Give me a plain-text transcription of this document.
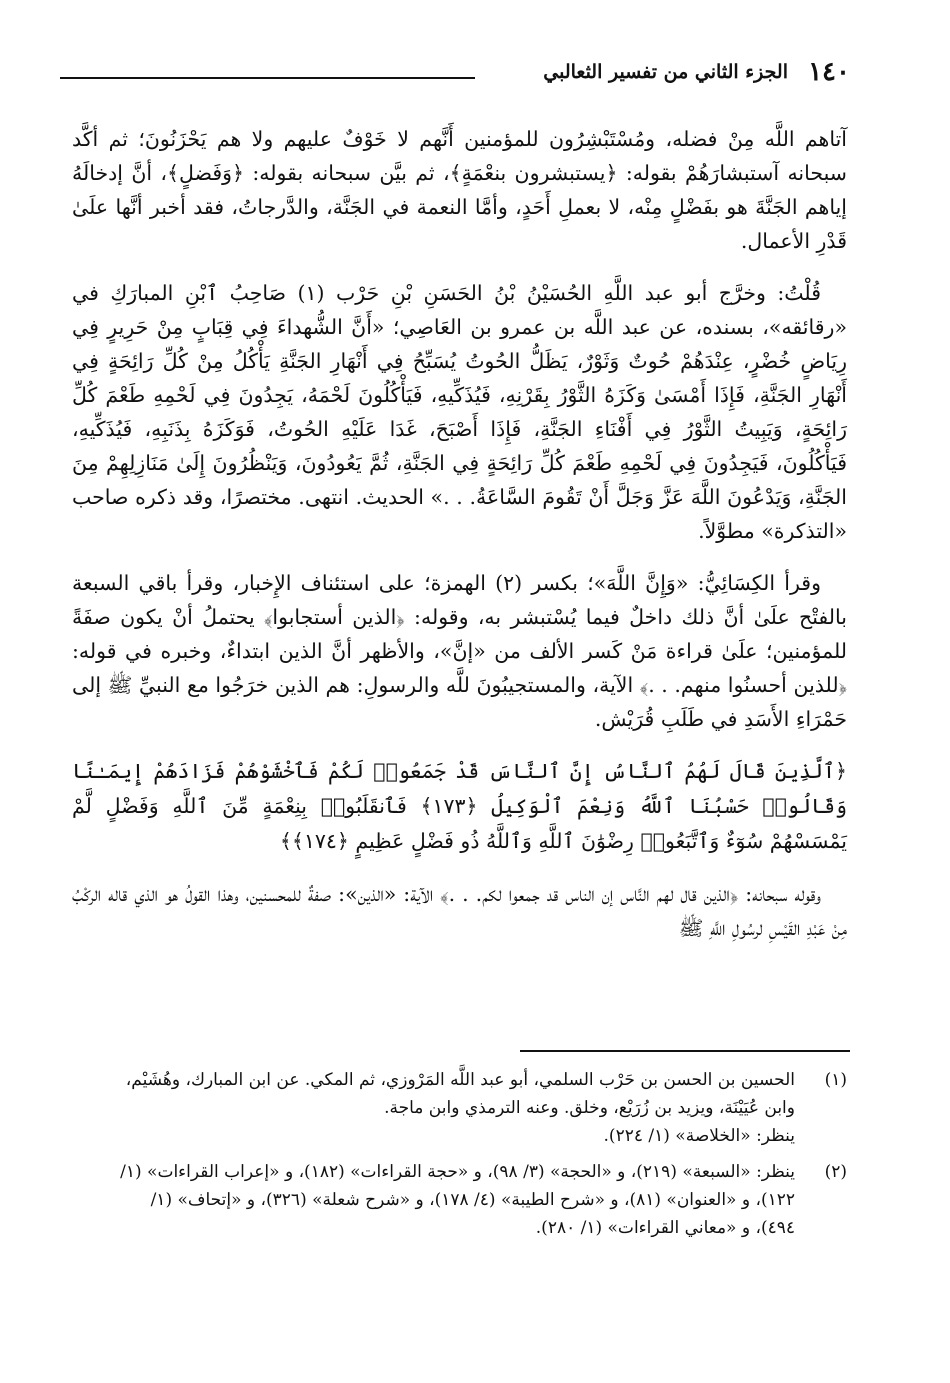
١٤٠
الجزء الثاني من تفسير الثعالبي

آتاهم اللَّه مِنْ فضله، ومُسْتَبْشِرُون للمؤمنين أَنَّهم لا خَوْفٌ عليهم ولا هم يَحْزَنُونَ؛ ثم أكَّد سبحانه آستبشارَهُمْ بقوله: ﴿يستبشرون بنعْمَةٍ﴾، ثم بيَّن سبحانه بقوله: ﴿وَفَضلٍ﴾، أنَّ إدخالَهُ إياهم الجَنَّةَ هو بفَضْلٍ مِنْه، لا بعملِ أَحَدٍ، وأمَّا النعمة في الجَنَّة، والدَّرجاتُ، فقد أخبر أنَّها علَىٰ قَدْرِ الأعمال.

قُلْتُ: وخرَّج أبو عبد اللَّهِ الحُسَيْنُ بْنُ الحَسَنِ بْنِ حَرْب (١) صَاحِبُ ٱبْنِ المبارَكِ في «رقائقه»، بسنده، عن عبد اللَّه بن عمرو بن العَاصِي؛ «أَنَّ الشُّهداءَ فِي قِبَابٍ مِنْ حَرِيرٍ فِي رِيَاضٍ خُضْرٍ، عِنْدَهُمْ حُوتٌ وَثَوْرٌ، يَظَلُّ الحُوتُ يُسَبِّحُ فِي أَنْهَارِ الجَنَّةِ يَأْكُلُ مِنْ كُلِّ رَائِحَةٍ فِي أَنْهَارِ الجَنَّةِ، فَإِذَا أَمْسَىٰ وَكَزَهُ الثَّوْرُ بِقَرْنِهِ، فَيُذَكِّيهِ، فَيَأْكُلُونَ لَحْمَهُ، يَجِدُونَ فِي لَحْمِهِ طَعْمَ كُلِّ رَائِحَةٍ، وَيَبِيتُ الثَّوْرُ فِي أَفْنَاءِ الجَنَّةِ، فَإِذَا أَصْبَحَ، غَدَا عَلَيْهِ الحُوتُ، فَوَكَزَهُ بِذَنَبِهِ، فَيُذَكِّيهِ، فَيَأْكُلُونَ، فَيَجِدُونَ فِي لَحْمِهِ طَعْمَ كُلِّ رَائِحَةٍ فِي الجَنَّةِ، ثُمَّ يَعُودُونَ، وَيَنْظُرُونَ إِلَىٰ مَنَازِلِهِمْ مِنَ الجَنَّةِ، وَيَدْعُونَ اللَّهَ عَزَّ وَجَلَّ أَنْ تَقُومَ السَّاعَةُ. . .» الحديث. انتهى. مختصرًا، وقد ذكره صاحب «التذكرة» مطوَّلاً.

وقرأ الكِسَائِيُّ: «وَإِنَّ اللَّهَ»؛ بكسر (٢) الهمزة؛ على استئناف الإِخبار، وقرأ باقي السبعة بالفتْح علَىٰ أنَّ ذلك داخلٌ فيما يُسْتبشر به، وقوله: ﴿الذين أستجابوا﴾ يحتملُ أنْ يكون صفَةً للمؤمنين؛ علَىٰ قراءة مَنْ كَسر الألف من «إنَّ»، والأظهر أنَّ الذين ابتداءٌ، وخبره في قوله: ﴿للذين أحسنُوا منهم. . .﴾ الآية، والمستجيبُونَ للَّه والرسولِ: هم الذين خرَجُوا مع النبيِّ ﷺ إلى حَمْرَاءِ الأَسَدِ في طَلَبِ قُرَيْش.

﴿ٱلَّذِينَ قَالَ لَهُمُ ٱلنَّاسُ إِنَّ ٱلنَّاسَ قَدْ جَمَعُوا۟ لَكُمْ فَٱخْشَوْهُمْ فَزَادَهُمْ إِيمَـٰنًا وَقَالُوا۟ حَسْبُنَا ٱللَّهُ وَنِعْمَ ٱلْوَكِيلُ ﴿١٧٣﴾ فَٱنقَلَبُوا۟ بِنِعْمَةٍ مِّنَ ٱللَّهِ وَفَضْلٍ لَّمْ يَمْسَسْهُمْ سُوٓءٌ وَٱتَّبَعُوا۟ رِضْوَٰنَ ٱللَّهِ وَٱللَّهُ ذُو فَضْلٍ عَظِيمٍ ﴿١٧٤﴾﴾

وقوله سبحانه: ﴿الذين قال لهم النَّاس إن الناس قد جمعوا لكم. . .﴾ الآية: «الذين»: صفةٌ للمحسنين، وهذا القولُ هو الذي قاله الركْبُ مِنْ عَبْدِ القَيْسِ لرسُولِ اللَّهِ ﷺ

(١)
الحسين بن الحسن بن حَرْب السلمي، أبو عبد اللَّه المَرْوزي، ثم المكي. عن ابن المبارك، وهُشَيْم،
وابن عُيَيْنَة، ويزيد بن زُرَيْع، وخلق. وعنه الترمذي وابن ماجة.
ينظر: «الخلاصة» (١/ ٢٢٤).
(٢)
ينظر: «السبعة» (٢١٩)، و «الحجة» (٣/ ٩٨)، و «حجة القراءات» (١٨٢)، و «إعراب القراءات» (١/
١٢٢)، و «العنوان» (٨١)، و «شرح الطيبة» (٤/ ١٧٨)، و «شرح شعلة» (٣٢٦)، و «إتحاف» (١/
٤٩٤)، و «معاني القراءات» (١/ ٢٨٠).
